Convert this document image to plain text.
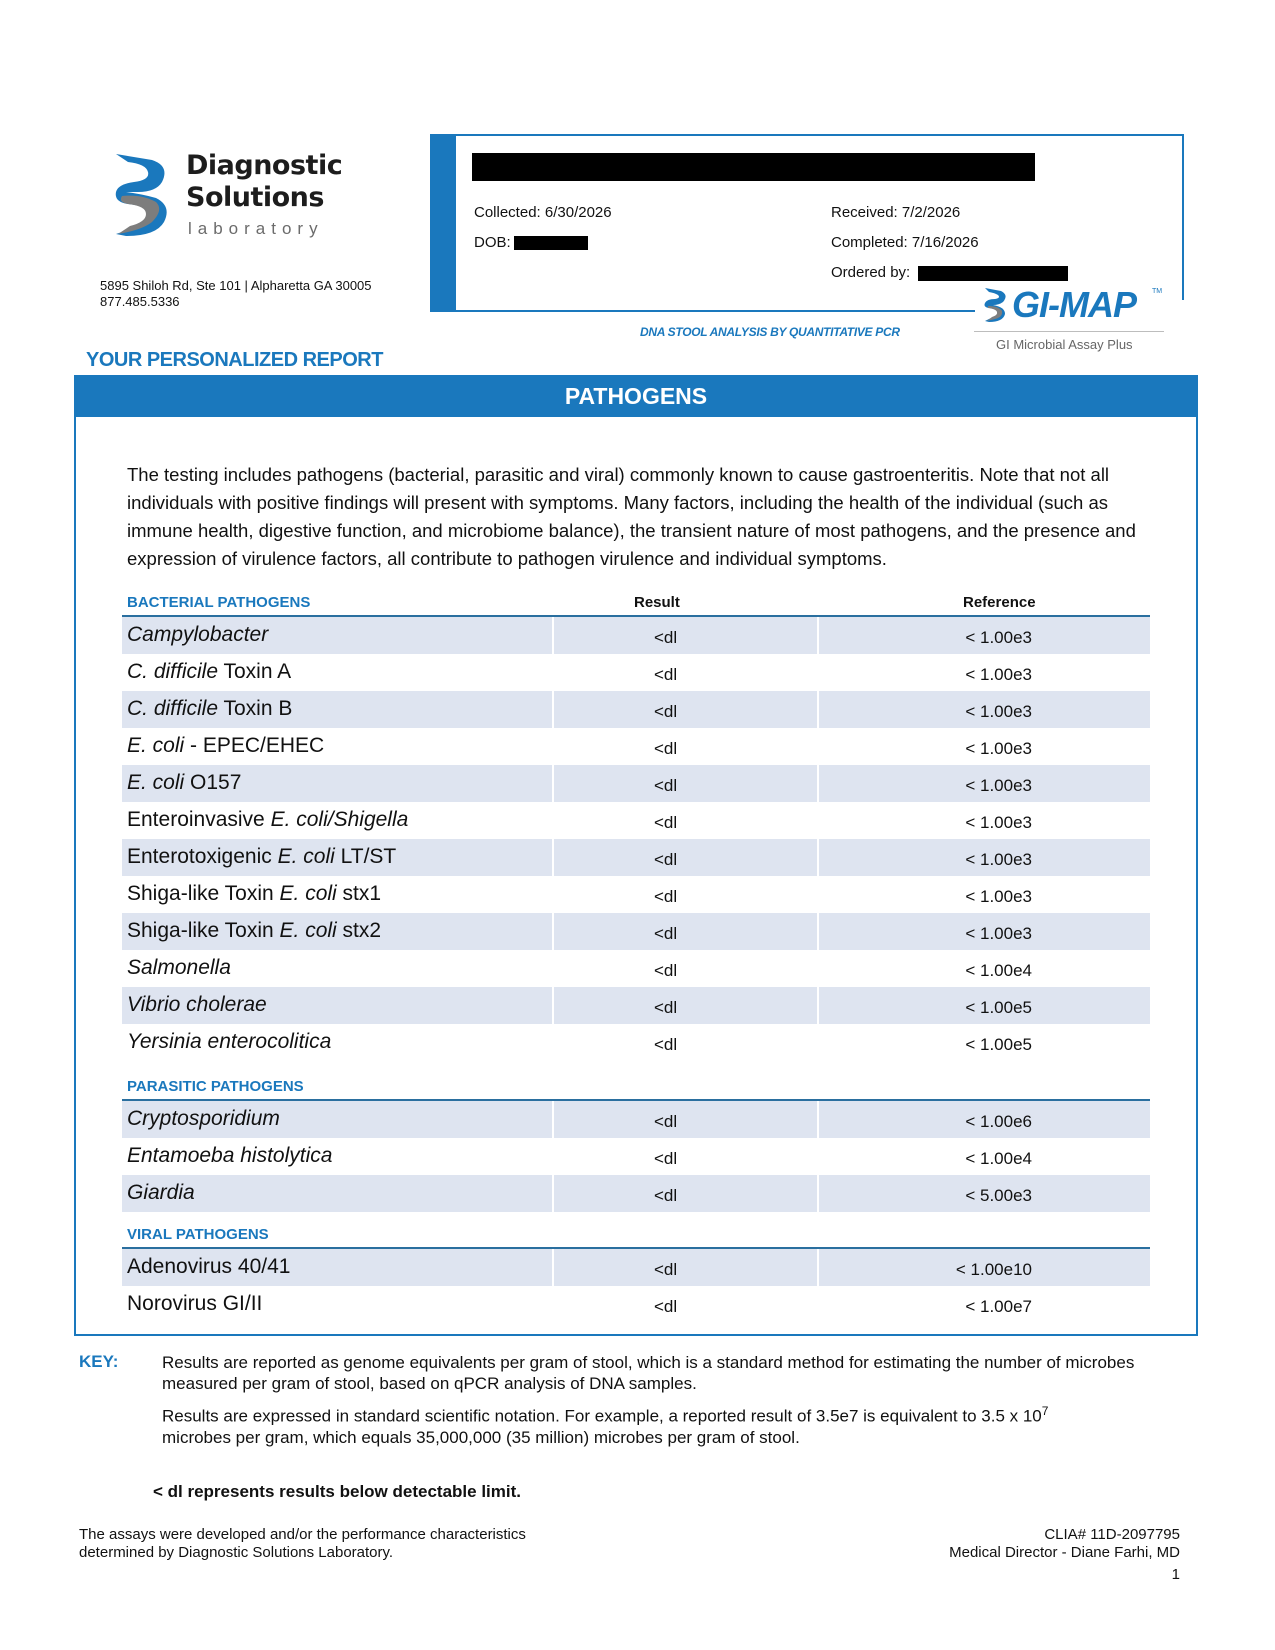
Diagnostic
Solutions
laboratory
5895 Shiloh Rd, Ste 101 | Alpharetta GA 30005
877.485.5336
Collected: 6/30/2026	Received: 7/2/2026
DOB:	Completed: 7/16/2026
Ordered by:
GI-MAP TM
GI Microbial Assay Plus
DNA STOOL ANALYSIS BY QUANTITATIVE PCR
YOUR PERSONALIZED REPORT
PATHOGENS
The testing includes pathogens (bacterial, parasitic and viral) commonly known to cause gastroenteritis. Note that not all individuals with positive findings will present with symptoms. Many factors, including the health of the individual (such as immune health, digestive function, and microbiome balance), the transient nature of most pathogens, and the presence and expression of virulence factors, all contribute to pathogen virulence and individual symptoms.
BACTERIAL PATHOGENS	Result	Reference
Campylobacter	<dl	< 1.00e3
C. difficile Toxin A	<dl	< 1.00e3
C. difficile Toxin B	<dl	< 1.00e3
E. coli - EPEC/EHEC	<dl	< 1.00e3
E. coli O157	<dl	< 1.00e3
Enteroinvasive E. coli/Shigella	<dl	< 1.00e3
Enterotoxigenic E. coli LT/ST	<dl	< 1.00e3
Shiga-like Toxin E. coli stx1	<dl	< 1.00e3
Shiga-like Toxin E. coli stx2	<dl	< 1.00e3
Salmonella	<dl	< 1.00e4
Vibrio cholerae	<dl	< 1.00e5
Yersinia enterocolitica	<dl	< 1.00e5
PARASITIC PATHOGENS
Cryptosporidium	<dl	< 1.00e6
Entamoeba histolytica	<dl	< 1.00e4
Giardia	<dl	< 5.00e3
VIRAL PATHOGENS
Adenovirus 40/41	<dl	< 1.00e10
Norovirus GI/II	<dl	< 1.00e7
KEY:	Results are reported as genome equivalents per gram of stool, which is a standard method for estimating the number of microbes measured per gram of stool, based on qPCR analysis of DNA samples.
Results are expressed in standard scientific notation. For example, a reported result of 3.5e7 is equivalent to 3.5 x $10^7$
microbes per gram, which equals 35,000,000 (35 million) microbes per gram of stool.
< dl represents results below detectable limit.
The assays were developed and/or the performance characteristics
determined by Diagnostic Solutions Laboratory.
CLIA# 11D-2097795
Medical Director - Diane Farhi, MD
1
